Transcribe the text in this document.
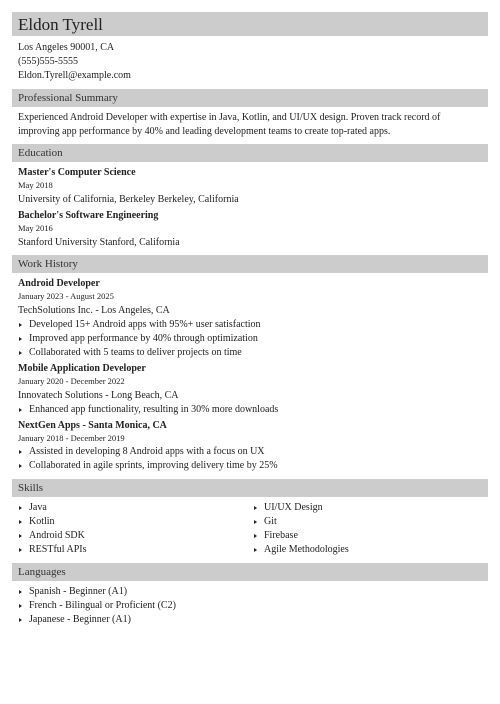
Eldon Tyrell
Los Angeles 90001, CA
(555)555-5555
Eldon.Tyrell@example.com
Professional Summary
Experienced Android Developer with expertise in Java, Kotlin, and UI/UX design. Proven track record of improving app performance by 40% and leading development teams to create top-rated apps.
Education
Master's Computer Science
May 2018
University of California, Berkeley Berkeley, California
Bachelor's Software Engineering
May 2016
Stanford University Stanford, California
Work History
Android Developer
January 2023 - August 2025
TechSolutions Inc. - Los Angeles, CA
Developed 15+ Android apps with 95%+ user satisfaction
Improved app performance by 40% through optimization
Collaborated with 5 teams to deliver projects on time
Mobile Application Developer
January 2020 - December 2022
Innovatech Solutions - Long Beach, CA
Enhanced app functionality, resulting in 30% more downloads
NextGen Apps - Santa Monica, CA
January 2018 - December 2019
Assisted in developing 8 Android apps with a focus on UX
Collaborated in agile sprints, improving delivery time by 25%
Skills
Java
Kotlin
Android SDK
RESTful APIs
UI/UX Design
Git
Firebase
Agile Methodologies
Languages
Spanish - Beginner (A1)
French - Bilingual or Proficient (C2)
Japanese - Beginner (A1)
